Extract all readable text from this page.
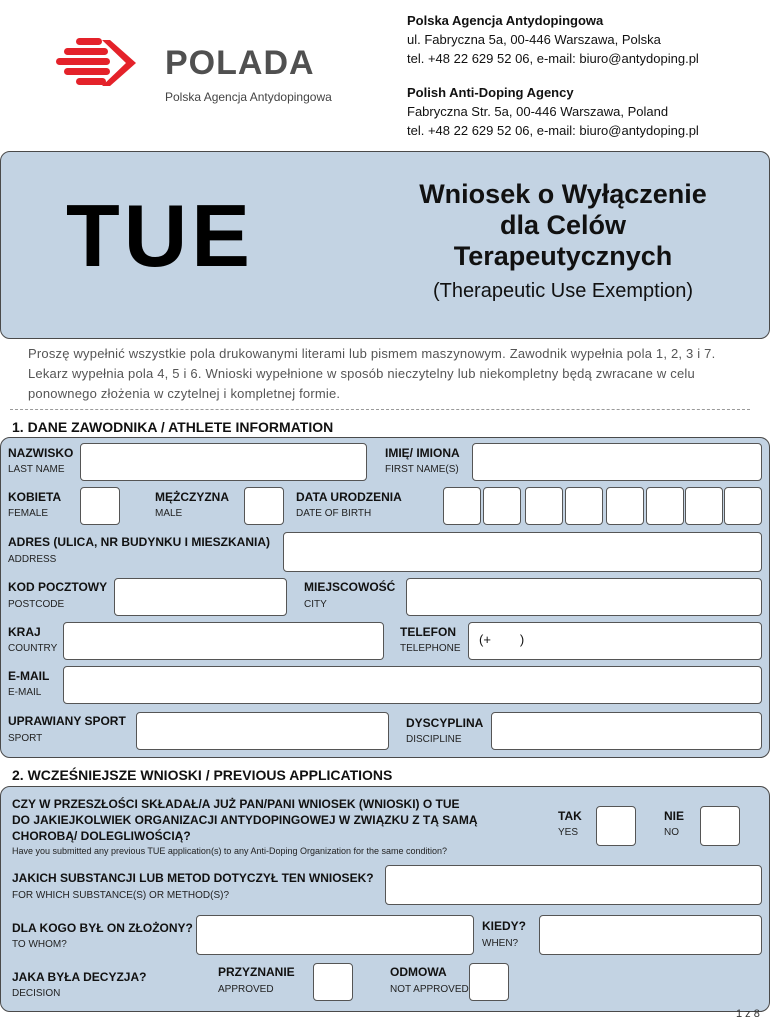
POLADA
Polska Agencja Antydopingowa
Polska Agencja Antydopingowa
ul. Fabryczna 5a, 00-446 Warszawa, Polska
tel. +48 22 629 52 06, e-mail: biuro@antydoping.pl
Polish Anti-Doping Agency
Fabryczna Str. 5a, 00-446 Warszawa, Poland
tel. +48 22 629 52 06, e-mail: biuro@antydoping.pl
TUE	Wniosek o Wyłączenie dla Celów Terapeutycznych
(Therapeutic Use Exemption)
Proszę wypełnić wszystkie pola drukowanymi literami lub pismem maszynowym. Zawodnik wypełnia pola 1, 2, 3 i 7. Lekarz wypełnia pola 4, 5 i 6. Wnioski wypełnione w sposób nieczytelny lub niekompletny będą zwracane w celu ponownego złożenia w czytelnej i kompletnej formie.
1. DANE ZAWODNIKA / ATHLETE INFORMATION
NAZWISKO
LAST NAME
IMIĘ/ IMIONA
FIRST NAME(S)
KOBIETA
FEMALE
MĘŻCZYZNA
MALE
DATA URODZENIA
DATE OF BIRTH
ADRES (ULICA, NR BUDYNKU I MIESZKANIA)
ADDRESS
KOD POCZTOWY
POSTCODE
MIEJSCOWOŚĆ
CITY
KRAJ
COUNTRY
TELEFON
TELEPHONE
(+        )
E-MAIL
E-MAIL
UPRAWIANY SPORT
SPORT
DYSCYPLINA
DISCIPLINE
2. WCZEŚNIEJSZE WNIOSKI / PREVIOUS APPLICATIONS
CZY W PRZESZŁOŚCI SKŁADAŁ/A JUŻ PAN/PANI WNIOSEK (WNIOSKI) O TUE
DO JAKIEJKOLWIEK ORGANIZACJI ANTYDOPINGOWEJ W ZWIĄZKU Z TĄ SAMĄ
CHOROBĄ/ DOLEGLIWOŚCIĄ?
Have you submitted any previous TUE application(s) to any Anti-Doping Organization for the same condition?
TAK
YES
NIE
NO
JAKICH SUBSTANCJI LUB METOD DOTYCZYŁ TEN WNIOSEK?
FOR WHICH SUBSTANCE(S) OR METHOD(S)?
DLA KOGO BYŁ ON ZŁOŻONY?
TO WHOM?
KIEDY?
WHEN?
JAKA BYŁA DECYZJA?
DECISION
PRZYZNANIE
APPROVED
ODMOWA
NOT APPROVED
1 z 8
